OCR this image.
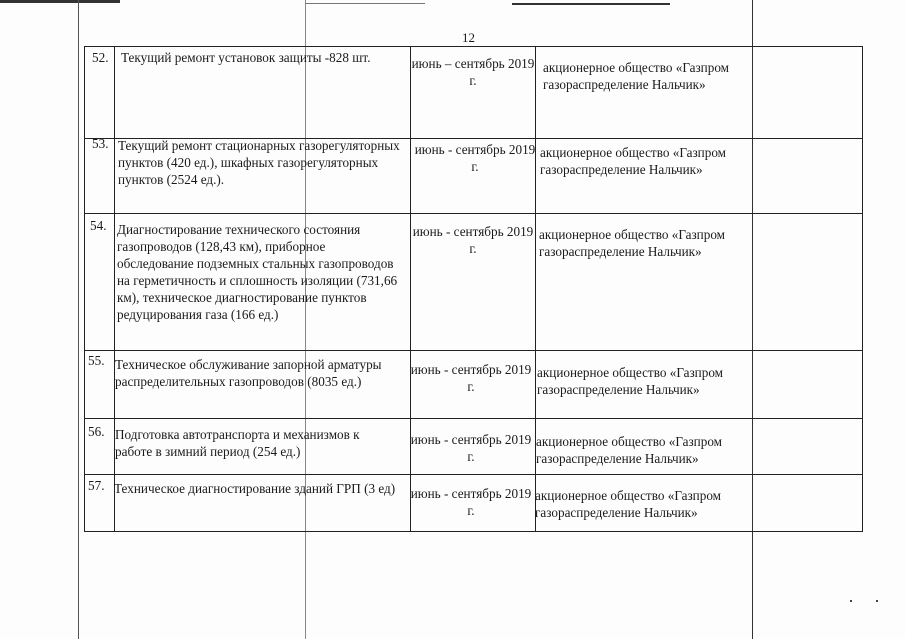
12
52. Текущий ремонт установок защиты -828 шт.	июнь – сентябрь 2019 г.
акционерное общество «Газпром газораспределение Нальчик»
53. Текущий ремонт стационарных газорегуляторных пунктов (420 ед.), шкафных газорегуляторных пунктов (2524 ед.).
июнь - сентябрь 2019 г.
акционерное общество «Газпром газораспределение Нальчик»
54. Диагностирование технического состояния газопроводов (128,43 км), приборное обследование подземных стальных газопроводов на герметичность и сплошность изоляции (731,66 км), техническое диагностирование пунктов редуцирования газа (166 ед.)
июнь - сентябрь 2019 г.
акционерное общество «Газпром газораспределение Нальчик»
55. Техническое обслуживание запорной арматуры распределительных газопроводов (8035 ед.)
июнь - сентябрь 2019 г.
акционерное общество «Газпром газораспределение Нальчик»
56. Подготовка автотранспорта и механизмов к работе в зимний период (254 ед.)
июнь - сентябрь 2019 г.
акционерное общество «Газпром газораспределение Нальчик»
57. Техническое диагностирование зданий ГРП (3 ед)	июнь - сентябрь 2019 г.
акционерное общество «Газпром газораспределение Нальчик»
